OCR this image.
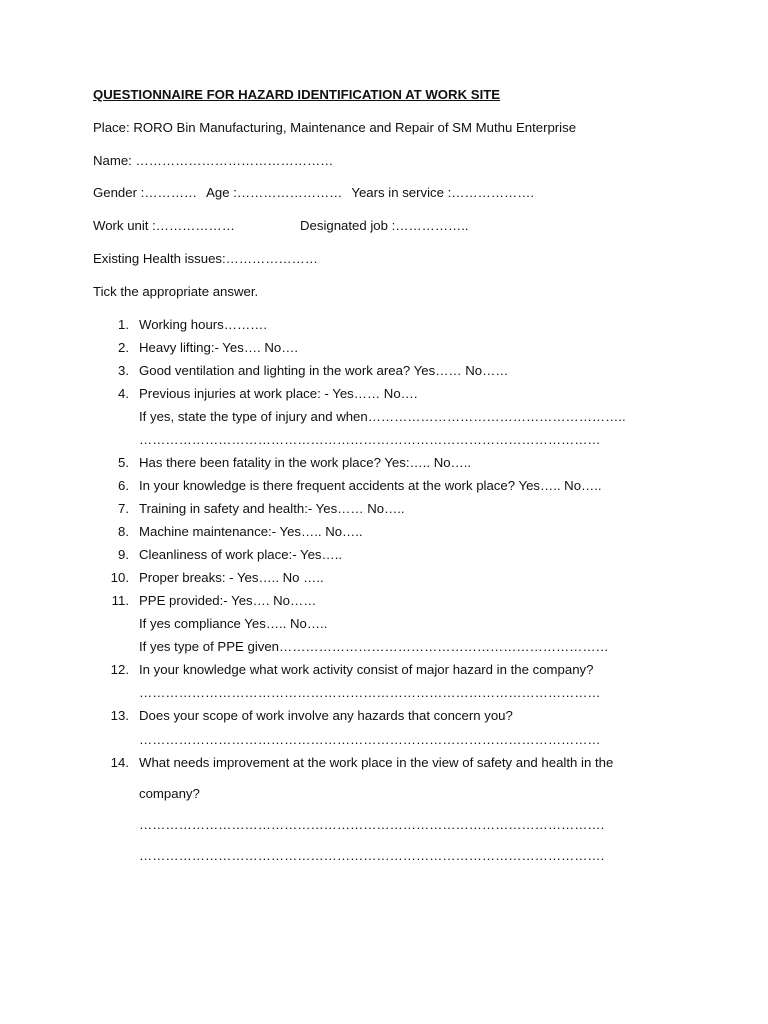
QUESTIONNAIRE FOR HAZARD IDENTIFICATION AT WORK SITE
Place: RORO Bin Manufacturing, Maintenance and Repair of SM Muthu Enterprise
Name: ………………………………………
Gender :………… Age :…………………… Years in service :……………….
Work unit :………………	Designated job :……………..
Existing Health issues:…………………
Tick the appropriate answer.
1. Working hours……….
2. Heavy lifting:- Yes…. No….
3. Good ventilation and lighting in the work area? Yes…… No……
4. Previous injuries at work place: - Yes…… No….
If yes, state the type of injury and when…………………………………………………..
……………………………………………………………………………………………
5. Has there been fatality in the work place? Yes:….. No…..
6. In your knowledge is there frequent accidents at the work place? Yes….. No…..
7. Training in safety and health:- Yes…… No…..
8. Machine maintenance:- Yes….. No…..
9. Cleanliness of work place:- Yes…..
10. Proper breaks: - Yes….. No …..
11. PPE provided:- Yes…. No……
If yes compliance Yes….. No…..
If yes type of PPE given…………………………………………………………………
12. In your knowledge what work activity consist of major hazard in the company?
……………………………………………………………………………………………
13. Does your scope of work involve any hazards that concern you?
……………………………………………………………………………………………
14. What needs improvement at the work place in the view of safety and health in the
company?
…………………………………………………………………………………………….
…………………………………………………………………………………………….
